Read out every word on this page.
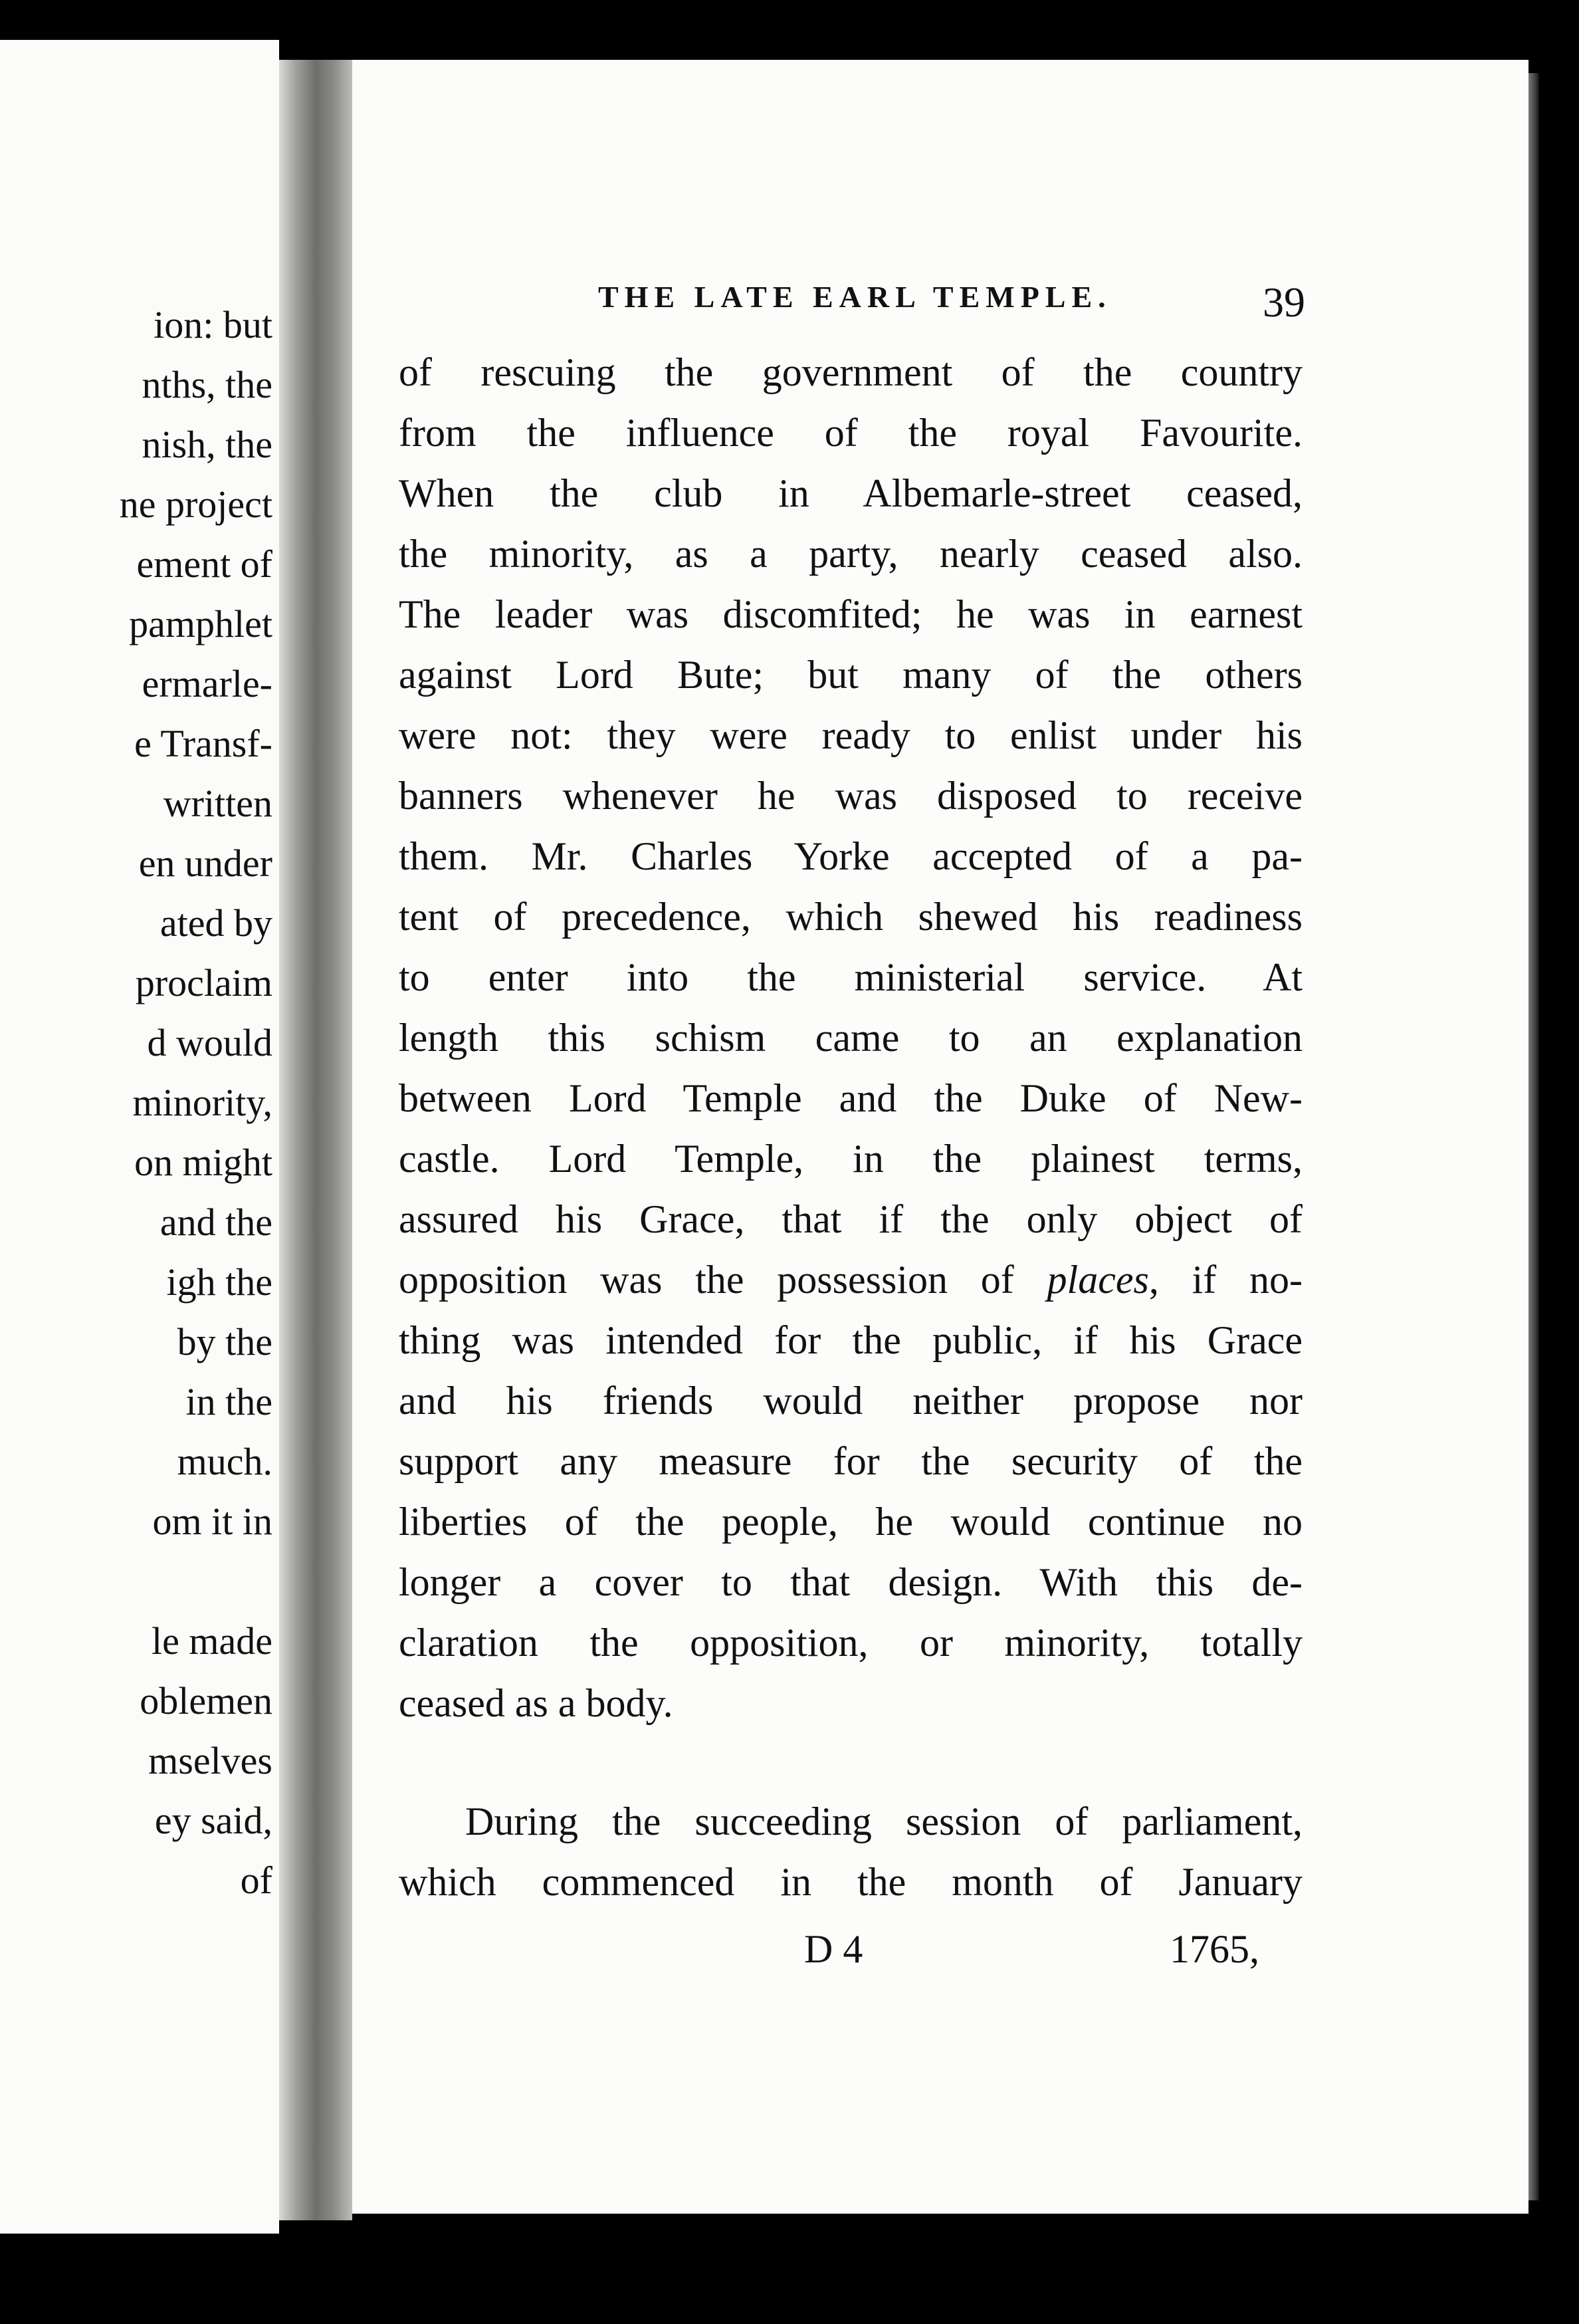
ion: but
nths, the
nish, the
ne project
ement of
pamphlet
ermarle-
e Transf-
written
en under
ated by
proclaim
d would
minority,
on might
and the
igh the
by the
in the
much.
om it in
le made
oblemen
mselves
ey said,
of
THE LATE EARL TEMPLE.	39
of rescuing the government of the country
from the influence of the royal Favourite.
When the club in Albemarle-street ceased,
the minority, as a party, nearly ceased also.
The leader was discomfited; he was in earnest
against Lord Bute; but many of the others
were not: they were ready to enlist under his
banners whenever he was disposed to receive
them. Mr. Charles Yorke accepted of a pa-
tent of precedence, which shewed his readiness
to enter into the ministerial service. At
length this schism came to an explanation
between Lord Temple and the Duke of New-
castle. Lord Temple, in the plainest terms,
assured his Grace, that if the only object of
opposition was the possession of places, if no-
thing was intended for the public, if his Grace
and his friends would neither propose nor
support any measure for the security of the
liberties of the people, he would continue no
longer a cover to that design. With this de-
claration the opposition, or minority, totally
ceased as a body.
During the succeeding session of parliament,
which commenced in the month of January
D 4	1765,
